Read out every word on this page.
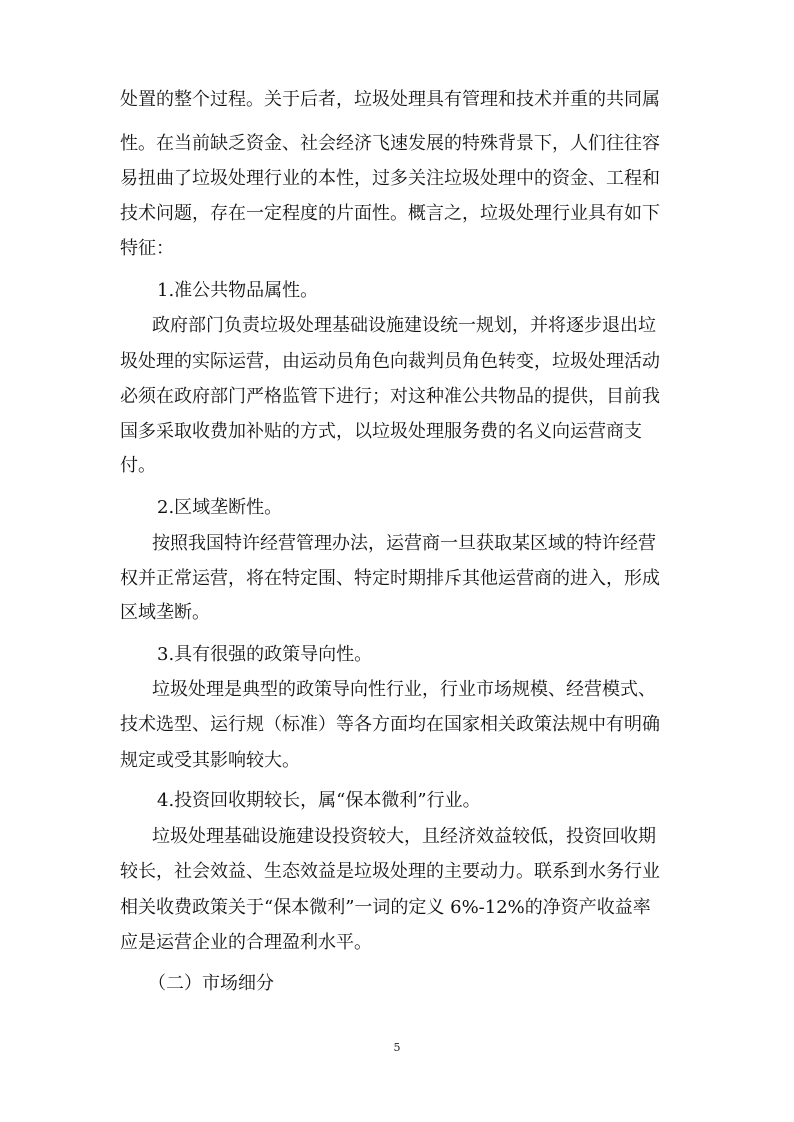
处置的整个过程。关于后者，垃圾处理具有管理和技术并重的共同属
性。在当前缺乏资金、社会经济飞速发展的特殊背景下，人们往往容
易扭曲了垃圾处理行业的本性，过多关注垃圾处理中的资金、工程和
技术问题，存在一定程度的片面性。概言之，垃圾处理行业具有如下
特征：
1.准公共物品属性。
政府部门负责垃圾处理基础设施建设统一规划，并将逐步退出垃
圾处理的实际运营，由运动员角色向裁判员角色转变，垃圾处理活动
必须在政府部门严格监管下进行；对这种准公共物品的提供，目前我
国多采取收费加补贴的方式，以垃圾处理服务费的名义向运营商支
付。
2.区域垄断性。
按照我国特许经营管理办法，运营商一旦获取某区域的特许经营
权并正常运营，将在特定围、特定时期排斥其他运营商的进入，形成
区域垄断。
3.具有很强的政策导向性。
垃圾处理是典型的政策导向性行业，行业市场规模、经营模式、
技术选型、运行规（标准）等各方面均在国家相关政策法规中有明确
规定或受其影响较大。
4.投资回收期较长，属“保本微利”行业。
垃圾处理基础设施建设投资较大，且经济效益较低，投资回收期
较长，社会效益、生态效益是垃圾处理的主要动力。联系到水务行业
相关收费政策关于“保本微利”一词的定义 6%-12%的净资产收益率
应是运营企业的合理盈利水平。
（二）市场细分
5
